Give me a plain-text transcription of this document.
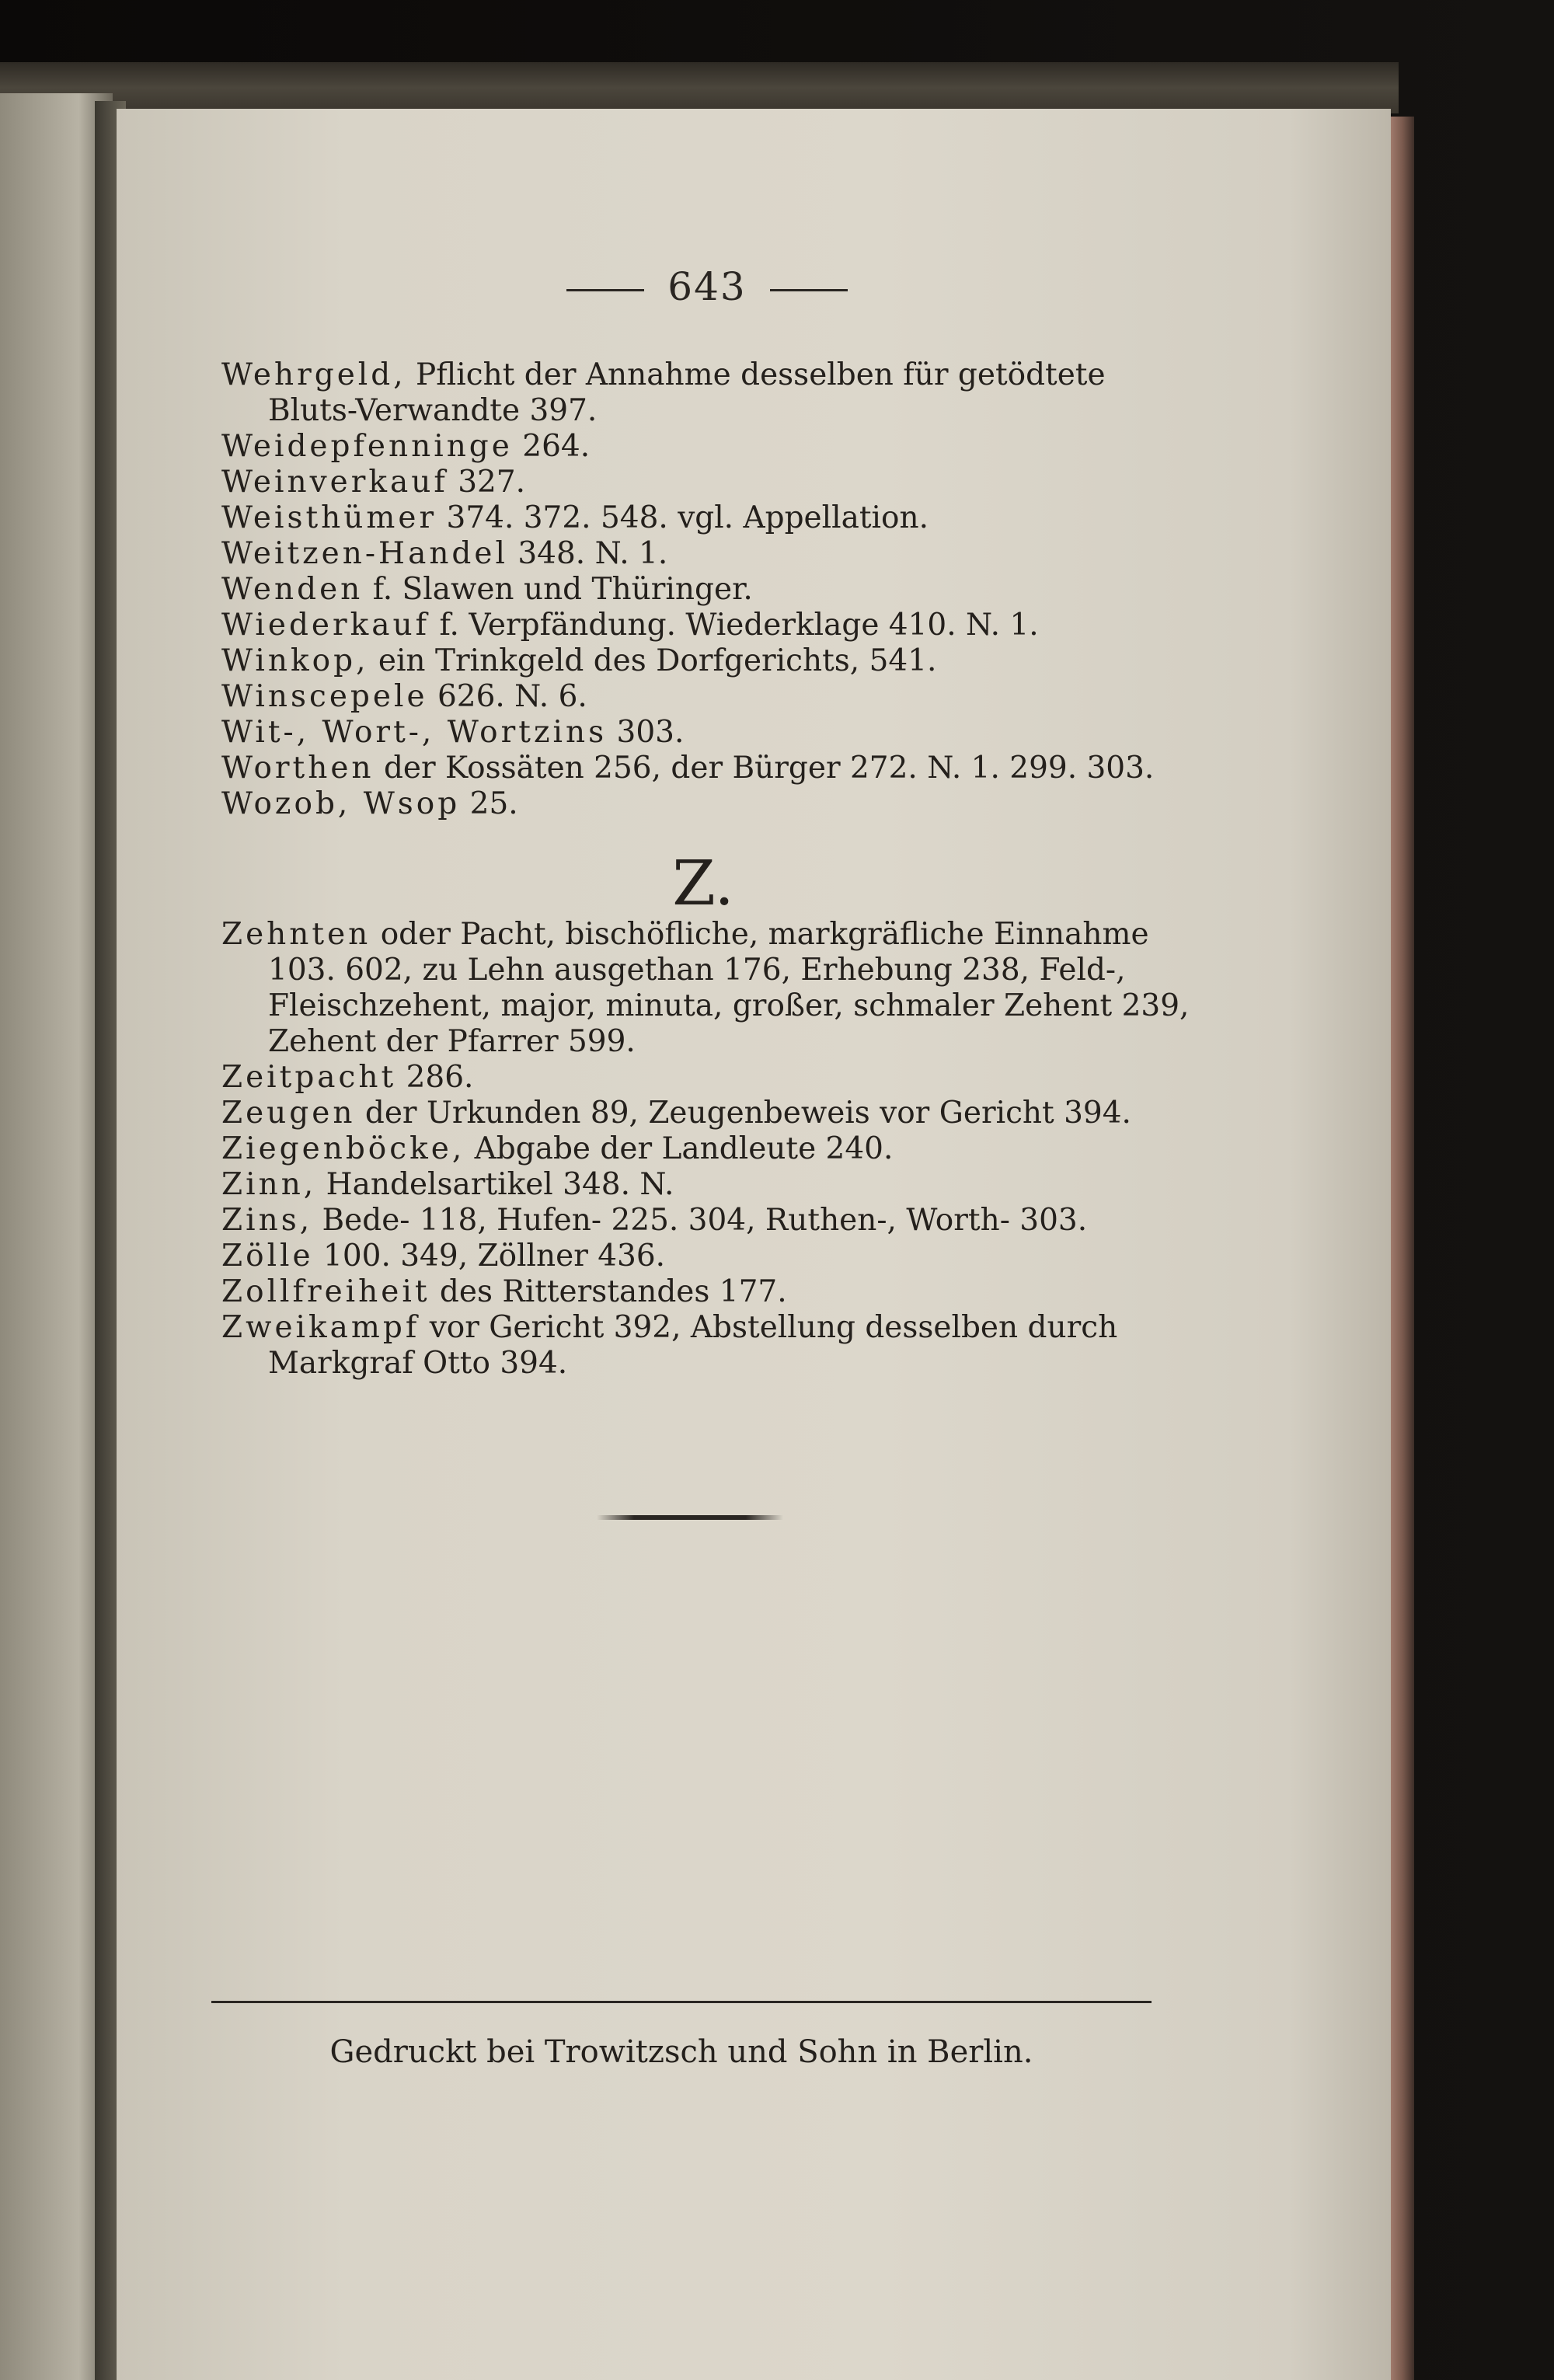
643
Wehrgeld, Pflicht der Annahme desselben für getödtete Bluts-Verwandte 397.
Weidepfenninge 264.
Weinverkauf 327.
Weisthümer 374. 372. 548. vgl. Appellation.
Weitzen-Handel 348. N. 1.
Wenden f. Slawen und Thüringer.
Wiederkauf f. Verpfändung. Wiederklage 410. N. 1.
Winkop, ein Trinkgeld des Dorfgerichts, 541.
Winscepele 626. N. 6.
Wit-, Wort-, Wortzins 303.
Worthen der Kossäten 256, der Bürger 272. N. 1. 299. 303.
Wozob, Wsop 25.
Z.
Zehnten oder Pacht, bischöfliche, markgräfliche Einnahme 103. 602, zu Lehn ausgethan 176, Erhebung 238, Feld-, Fleischzehent, major, minuta, großer, schmaler Zehent 239, Zehent der Pfarrer 599.
Zeitpacht 286.
Zeugen der Urkunden 89, Zeugenbeweis vor Gericht 394.
Ziegenböcke, Abgabe der Landleute 240.
Zinn, Handelsartikel 348. N.
Zins, Bede- 118, Hufen- 225. 304, Ruthen-, Worth- 303.
Zölle 100. 349, Zöllner 436.
Zollfreiheit des Ritterstandes 177.
Zweikampf vor Gericht 392, Abstellung desselben durch Markgraf Otto 394.
Gedruckt bei Trowitzsch und Sohn in Berlin.
